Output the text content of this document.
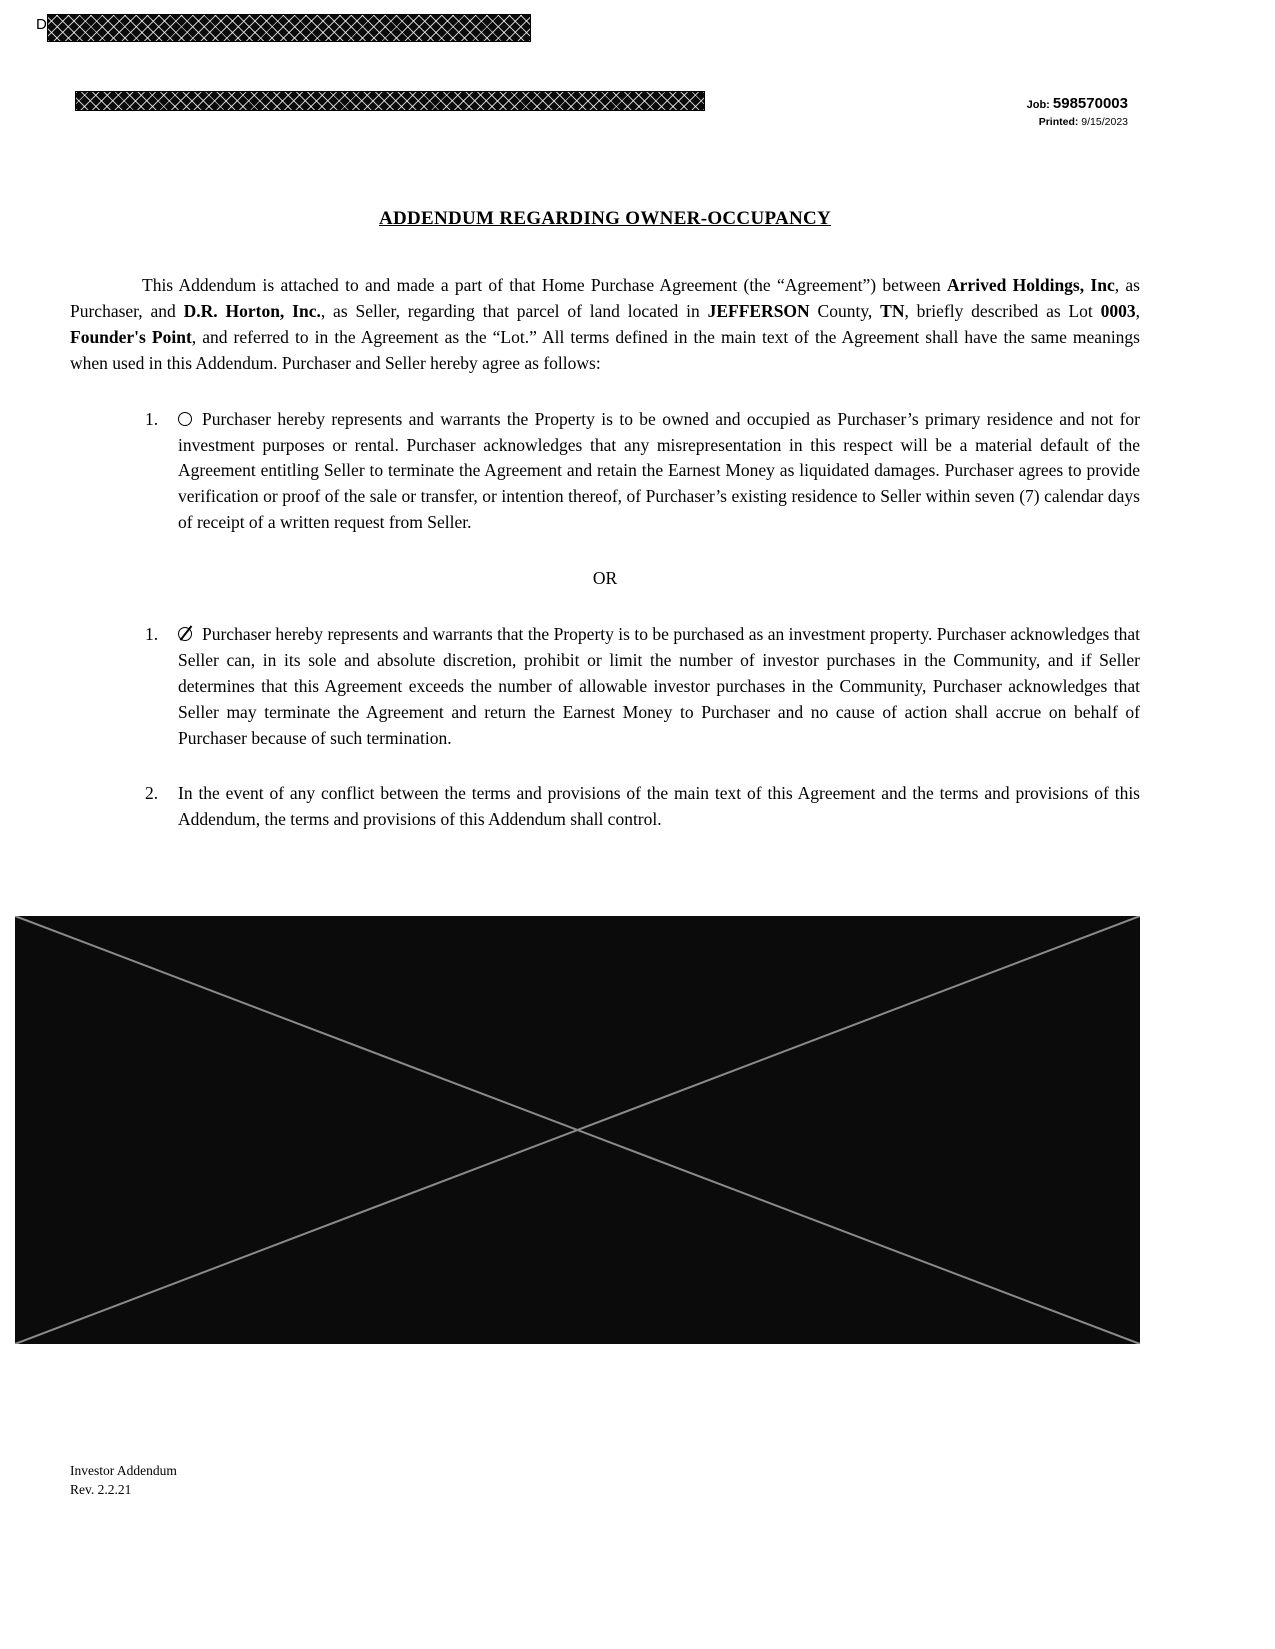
D
Job: 598570003
Printed: 9/15/2023
ADDENDUM REGARDING OWNER-OCCUPANCY

This Addendum is attached to and made a part of that Home Purchase Agreement (the “Agreement”) between Arrived Holdings, Inc, as Purchaser, and D.R. Horton, Inc., as Seller, regarding that parcel of land located in JEFFERSON County, TN, briefly described as Lot 0003, Founder's Point, and referred to in the Agreement as the “Lot.” All terms defined in the main text of the Agreement shall have the same meanings when used in this Addendum. Purchaser and Seller hereby agree as follows:

1.	Purchaser hereby represents and warrants the Property is to be owned and occupied as Purchaser’s primary residence and not for investment purposes or rental. Purchaser acknowledges that any misrepresentation in this respect will be a material default of the Agreement entitling Seller to terminate the Agreement and retain the Earnest Money as liquidated damages. Purchaser agrees to provide verification or proof of the sale or transfer, or intention thereof, of Purchaser’s existing residence to Seller within seven (7) calendar days of receipt of a written request from Seller.
OR
1.	Purchaser hereby represents and warrants that the Property is to be purchased as an investment property. Purchaser acknowledges that Seller can, in its sole and absolute discretion, prohibit or limit the number of investor purchases in the Community, and if Seller determines that this Agreement exceeds the number of allowable investor purchases in the Community, Purchaser acknowledges that Seller may terminate the Agreement and return the Earnest Money to Purchaser and no cause of action shall accrue on behalf of Purchaser because of such termination.
2.	In the event of any conflict between the terms and provisions of the main text of this Agreement and the terms and provisions of this Addendum, the terms and provisions of this Addendum shall control.
Investor Addendum
Rev. 2.2.21
